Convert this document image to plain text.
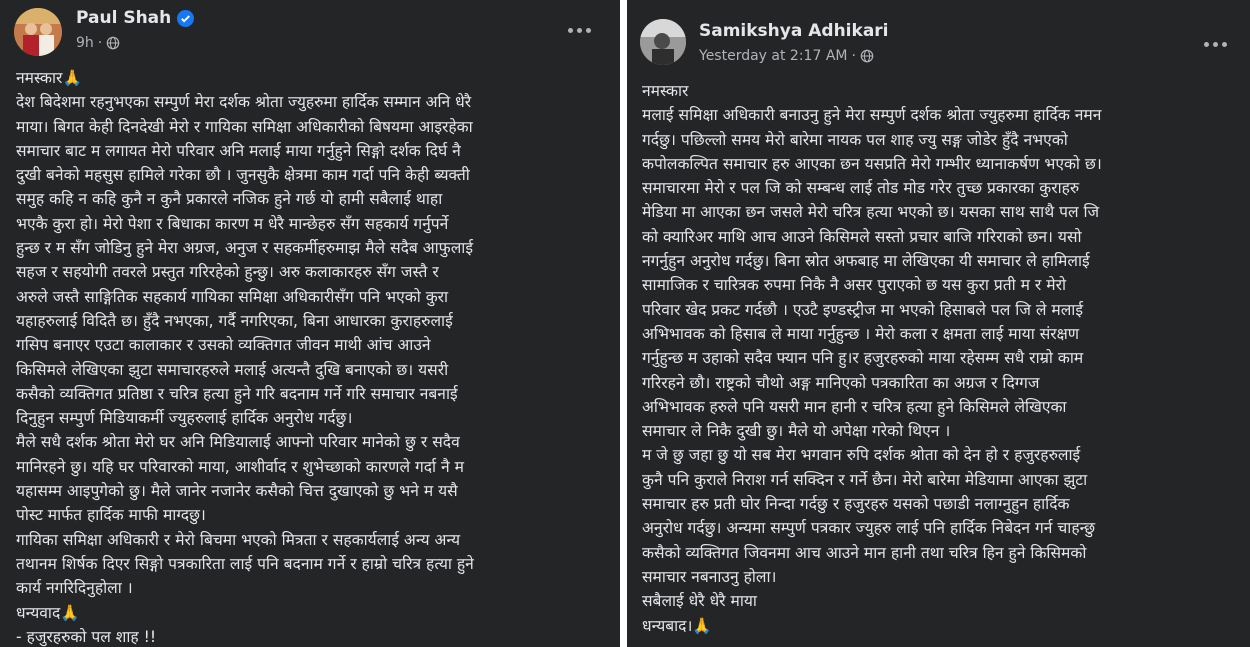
Paul Shah
9h ·
नमस्कार🙏
देश बिदेशमा रहनुभएका सम्पुर्ण मेरा दर्शक श्रोता ज्युहरुमा हार्दिक सम्मान अनि धेरै
माया। बिगत केही दिनदेखी मेरो र गायिका समिक्षा अधिकारीको बिषयमा आइरहेका
समाचार बाट म लगायत मेरो परिवार अनि मलाई माया गर्नुहुने सिङ्गो दर्शक दिर्घ नै
दुखी बनेको महसुस हामिले गरेका छौ । जुनसुकै क्षेत्रमा काम गर्दा पनि केही ब्यक्ती
समुह कहि न कहि कुनै न कुनै प्रकारले नजिक हुने गर्छ यो हामी सबैलाई थाहा
भएकै कुरा हो। मेरो पेशा र बिधाका कारण म धेरै मान्छेहरु सँग सहकार्य गर्नुपर्ने
हुन्छ र म सँग जोडिनु हुने मेरा अग्रज, अनुज र सहकर्मीहरुमाझ मैले सदैब आफुलाई
सहज र सहयोगी तवरले प्रस्तुत गरिरहेको हुन्छु। अरु कलाकारहरु सँग जस्तै र
अरुले जस्तै साङ्गितिक सहकार्य गायिका समिक्षा अधिकारीसँग पनि भएको कुरा
यहाहरुलाई विदितै छ। हुँदै नभएका, गर्दै नगरिएका, बिना आधारका कुराहरुलाई
गसिप बनाएर एउटा कालाकार र उसको व्यक्तिगत जीवन माथी आंच आउने
किसिमले लेखिएका झुटा समाचारहरुले मलाई अत्यन्तै दुखि बनाएको छ। यसरी
कसैको व्यक्तिगत प्रतिष्ठा र चरित्र हत्या हुने गरि बदनाम गर्ने गरि समाचार नबनाई
दिनुहुन सम्पुर्ण मिडियाकर्मी ज्युहरुलाई हार्दिक अनुरोध गर्दछु।
मैले सधै दर्शक श्रोता मेरो घर अनि मिडियालाई आफ्नो परिवार मानेको छु र सदैव
मानिरहने छु। यहि घर परिवारको माया, आशीर्वाद र शुभेच्छाको कारणले गर्दा नै म
यहासम्म आइपुगेको छु। मैले जानेर नजानेर कसैको चित्त दुखाएको छु भने म यसै
पोस्ट मार्फत हार्दिक माफी माग्दछु।
गायिका समिक्षा अधिकारी र मेरो बिचमा भएको मित्रता र सहकार्यलाई अन्य अन्य
तथानम शिर्षक दिएर सिङ्गो पत्रकारिता लाई पनि बदनाम गर्ने र हाम्रो चरित्र हत्या हुने
कार्य नगरिदिनुहोला ।
धन्यवाद🙏
- हजुरहरुको पल शाह !!
Samikshya Adhikari
Yesterday at 2:17 AM ·
नमस्कार
मलाई समिक्षा अधिकारी बनाउनु हुने मेरा सम्पुर्ण दर्शक श्रोता ज्युहरुमा हार्दिक नमन
गर्दछु। पछिल्लो समय मेरो बारेमा नायक पल शाह ज्यु सङ्ग जोडेर हुँदै नभएको
कपोलकल्पित समाचार हरु आएका छन यसप्रति मेरो गम्भीर ध्यानाकर्षण भएको छ।
समाचारमा मेरो र पल जि को सम्बन्ध लाई तोड मोड गरेर तुच्छ प्रकारका कुराहरु
मेडिया मा आएका छन जसले मेरो चरित्र हत्या भएको छ। यसका साथ साथै पल जि
को क्यारिअर माथि आच आउने किसिमले सस्तो प्रचार बाजि गरिराको छन। यसो
नगर्नुहुन अनुरोध गर्दछु। बिना स्रोत अफबाह मा लेखिएका यी समाचार ले हामिलाई
सामाजिक र चारित्रक रुपमा निकै नै असर पुराएको छ यस कुरा प्रती म र मेरो
परिवार खेद प्रकट गर्दछौ । एउटै इण्डस्ट्रीज मा भएको हिसाबले पल जि ले मलाई
अभिभावक को हिसाब ले माया गर्नुहुन्छ । मेरो कला र क्षमता लाई माया संरक्षण
गर्नुहुन्छ म उहाको सदैव फ्यान पनि हु।र हजुरहरुको माया रहेसम्म सधै राम्रो काम
गरिरहने छौ। राष्ट्रको चौथो अङ्ग मानिएको पत्रकारिता का अग्रज र दिग्गज
अभिभावक हरुले पनि यसरी मान हानी र चरित्र हत्या हुने किसिमले लेखिएका
समाचार ले निकै दुखी छु। मैले यो अपेक्षा गरेको थिएन ।
म जे छु जहा छु यो सब मेरा भगवान रुपि दर्शक श्रोता को देन हो र हजुरहरुलाई
कुनै पनि कुराले निराश गर्न सक्दिन र गर्ने छैन। मेरो बारेमा मेडियामा आएका झुटा
समाचार हरु प्रती घोर निन्दा गर्दछु र हजुरहरु यसको पछाडी नलाग्नुहुन हार्दिक
अनुरोध गर्दछु। अन्यमा सम्पुर्ण पत्रकार ज्युहरु लाई पनि हार्दिक निबेदन गर्न चाहन्छु
कसैको व्यक्तिगत जिवनमा आच आउने मान हानी तथा चरित्र हिन हुने किसिमको
समाचार नबनाउनु होला।
सबैलाई धेरै धेरै माया
धन्यबाद।🙏
